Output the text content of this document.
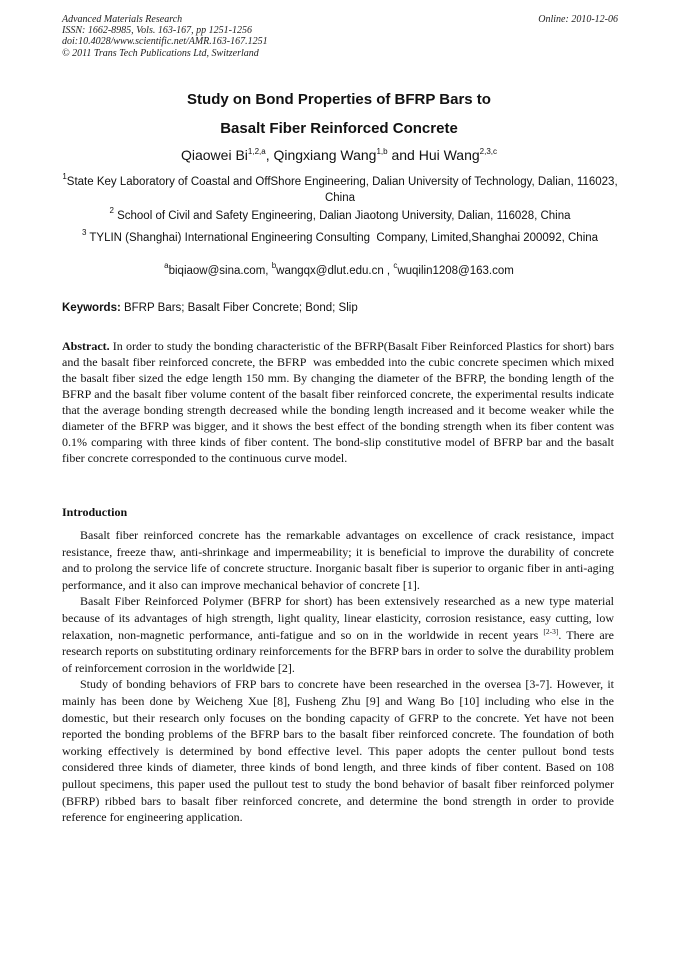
Advanced Materials Research
ISSN: 1662-8985, Vols. 163-167, pp 1251-1256
doi:10.4028/www.scientific.net/AMR.163-167.1251
© 2011 Trans Tech Publications Ltd, Switzerland
Online: 2010-12-06
Study on Bond Properties of BFRP Bars to
Basalt Fiber Reinforced Concrete
Qiaowei Bi$^{1,2,a}$, Qingxiang Wang$^{1,b}$ and Hui Wang$^{2,3,c}$
$^1$State Key Laboratory of Coastal and OffShore Engineering, Dalian University of Technology, Dalian, 116023, China
$^2$ School of Civil and Safety Engineering, Dalian Jiaotong University, Dalian, 116028, China
$^3$ TYLIN (Shanghai) International Engineering Consulting  Company, Limited,Shanghai 200092, China
$^a$biqiaow@sina.com, $^b$wangqx@dlut.edu.cn , $^c$wuqilin1208@163.com
Keywords: BFRP Bars; Basalt Fiber Concrete; Bond; Slip
Abstract. In order to study the bonding characteristic of the BFRP(Basalt Fiber Reinforced Plastics for short) bars and the basalt fiber reinforced concrete, the BFRP  was embedded into the cubic concrete specimen which mixed the basalt fiber sized the edge length 150 mm. By changing the diameter of the BFRP, the bonding length of the BFRP and the basalt fiber volume content of the basalt fiber reinforced concrete, the experimental results indicate that the average bonding strength decreased while the bonding length increased and it become weaker while the diameter of the BFRP was bigger, and it shows the best effect of the bonding strength when its fiber content was 0.1% comparing with three kinds of fiber content. The bond-slip constitutive model of BFRP bar and the basalt fiber concrete corresponded to the continuous curve model.
Introduction

Basalt fiber reinforced concrete has the remarkable advantages on excellence of crack resistance, impact resistance, freeze thaw, anti-shrinkage and impermeability; it is beneficial to improve the durability of concrete and to prolong the service life of concrete structure. Inorganic basalt fiber is superior to organic fiber in anti-aging performance, and it also can improve mechanical behavior of concrete [1].

Basalt Fiber Reinforced Polymer (BFRP for short) has been extensively researched as a new type material because of its advantages of high strength, light quality, linear elasticity, corrosion resistance, easy cutting, low relaxation, non-magnetic performance, anti-fatigue and so on in the worldwide in recent years [2-3]. There are research reports on substituting ordinary reinforcements for the BFRP bars in order to solve the durability problem of reinforcement corrosion in the worldwide [2].

Study of bonding behaviors of FRP bars to concrete have been researched in the oversea [3-7]. However, it mainly has been done by Weicheng Xue [8], Fusheng Zhu [9] and Wang Bo [10] including who else in the domestic, but their research only focuses on the bonding capacity of GFRP to the concrete. Yet have not been reported the bonding problems of the BFRP bars to the basalt fiber reinforced concrete. The foundation of both working effectively is determined by bond effective level. This paper adopts the center pullout bond tests considered three kinds of diameter, three kinds of bond length, and three kinds of fiber content. Based on 108 pullout specimens, this paper used the pullout test to study the bond behavior of basalt fiber reinforced polymer (BFRP) ribbed bars to basalt fiber reinforced concrete, and determine the bond strength in order to provide reference for engineering application.
